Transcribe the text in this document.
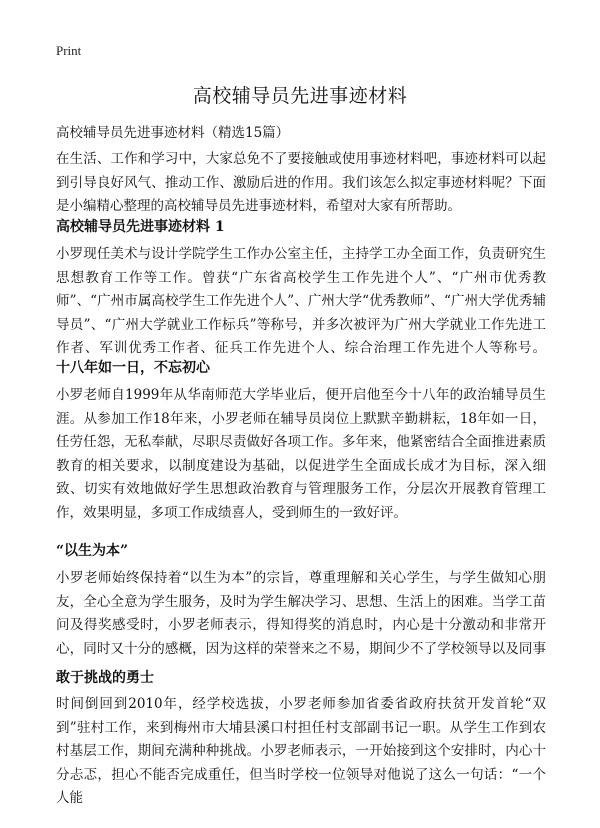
Print
高校辅导员先进事迹材料
高校辅导员先进事迹材料（精选15篇）

在生活、工作和学习中，大家总免不了要接触或使用事迹材料吧，事迹材料可以起到引导良好风气、推动工作、激励后进的作用。我们该怎么拟定事迹材料呢？下面是小编精心整理的高校辅导员先进事迹材料，希望对大家有所帮助。

高校辅导员先进事迹材料 1

小罗现任美术与设计学院学生工作办公室主任，主持学工办全面工作，负责研究生思想教育工作等工作。曾获“广东省高校学生工作先进个人”、“广州市优秀教师”、“广州市属高校学生工作先进个人”、广州大学“优秀教师”、“广州大学优秀辅导员”、“广州大学就业工作标兵”等称号，并多次被评为广州大学就业工作先进工作者、军训优秀工作者、征兵工作先进个人、综合治理工作先进个人等称号。

十八年如一日，不忘初心

小罗老师自1999年从华南师范大学毕业后，便开启他至今十八年的政治辅导员生涯。从参加工作18年来，小罗老师在辅导员岗位上默默辛勤耕耘，18年如一日，任劳任怨，无私奉献，尽职尽责做好各项工作。多年来，他紧密结合全面推进素质教育的相关要求，以制度建设为基础，以促进学生全面成长成才为目标，深入细致、切实有效地做好学生思想政治教育与管理服务工作，分层次开展教育管理工作，效果明显，多项工作成绩喜人，受到师生的一致好评。

“以生为本”

小罗老师始终保持着“以生为本”的宗旨，尊重理解和关心学生，与学生做知心朋友，全心全意为学生服务，及时为学生解决学习、思想、生活上的困难。当学工苗问及得奖感受时，小罗老师表示，得知得奖的消息时，内心是十分激动和非常开心，同时又十分的感概，因为这样的荣誉来之不易，期间少不了学校领导以及同事

敢于挑战的勇士

时间倒回到2010年，经学校选拔，小罗老师参加省委省政府扶贫开发首轮“双到”驻村工作，来到梅州市大埔县溪口村担任村支部副书记一职。从学生工作到农村基层工作，期间充满种种挑战。小罗老师表示，一开始接到这个安排时，内心十分忐忑，担心不能否完成重任，但当时学校一位领导对他说了这么一句话：“一个人能
